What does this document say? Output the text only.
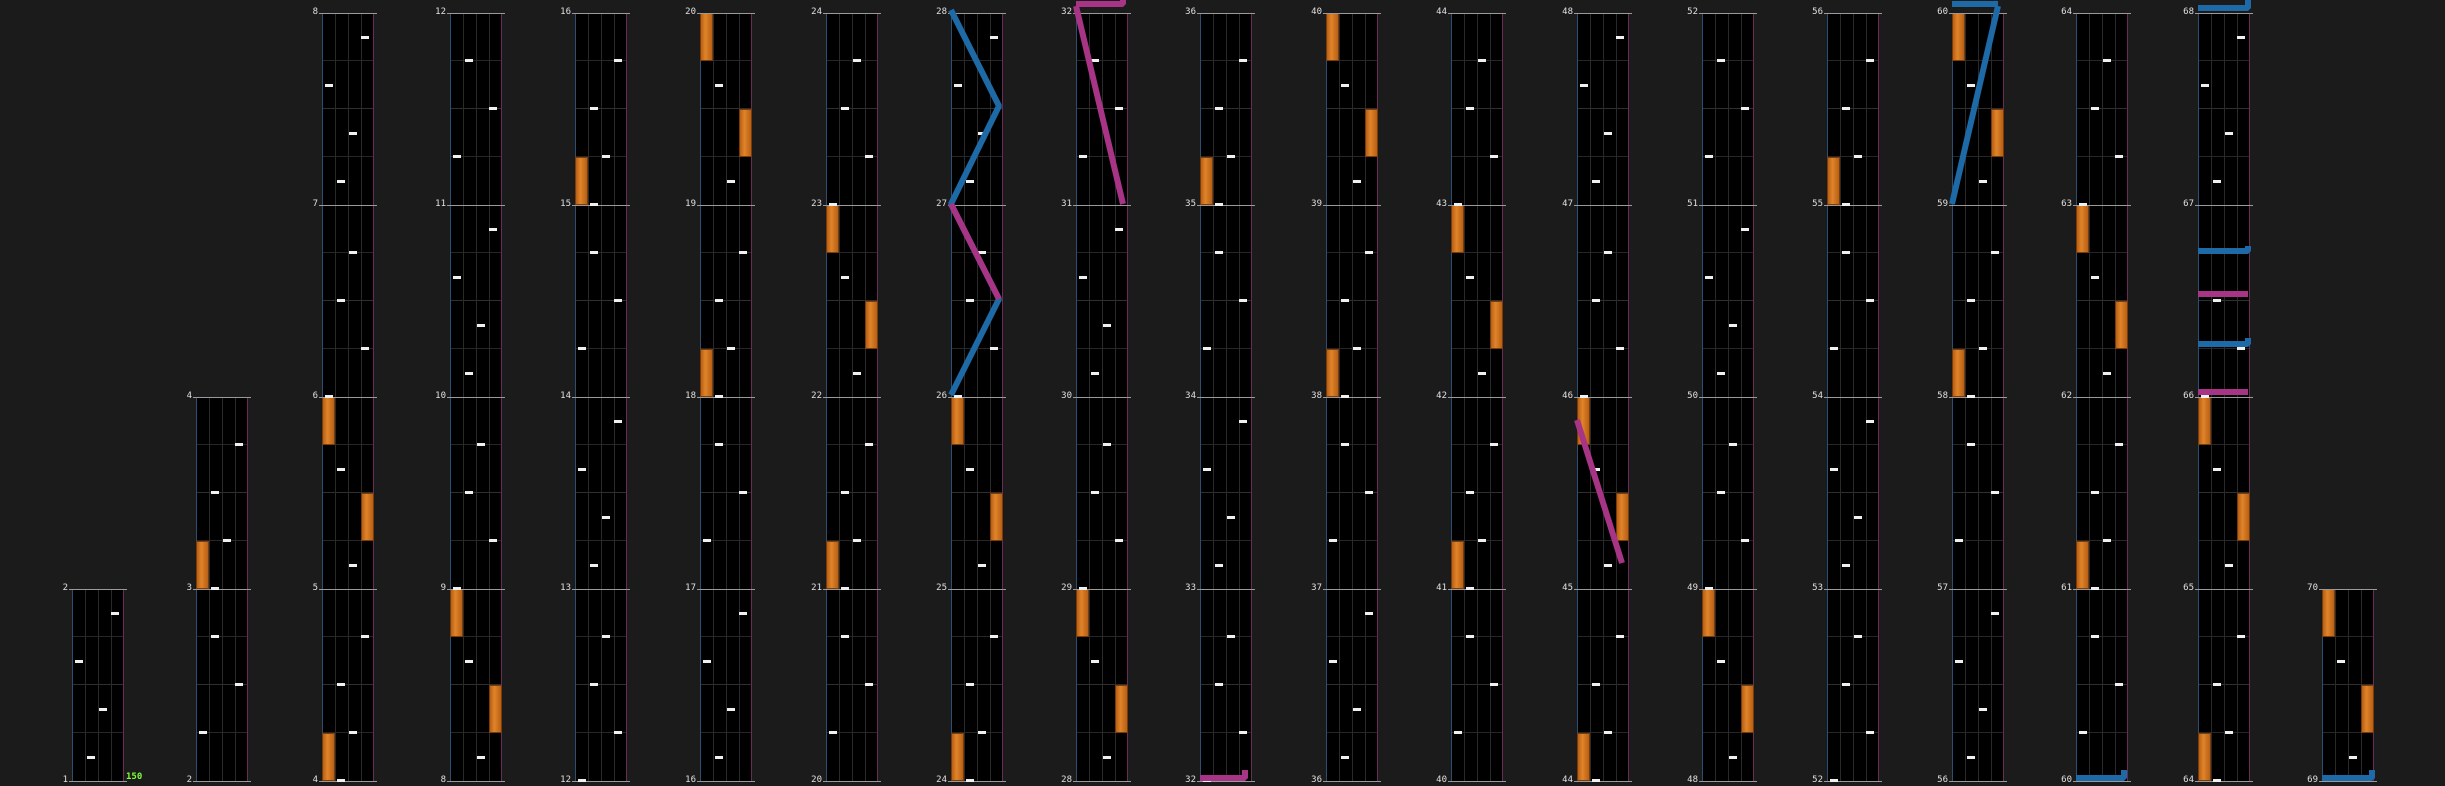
1
2
2
3
4
4
5
6
7
8
8
9
10
11
12
12
13
14
15
16
16
17
18
19
20
20
21
22
23
24
24
25
26
27
28
28
29
30
31
32
32
33
34
35
36
36
37
38
39
40
40
41
42
43
44
44
45
46
47
48
48
49
50
51
52
52
53
54
55
56
56
57
58
59
60
60
61
62
63
64
64
65
66
67
68
69
70
150
